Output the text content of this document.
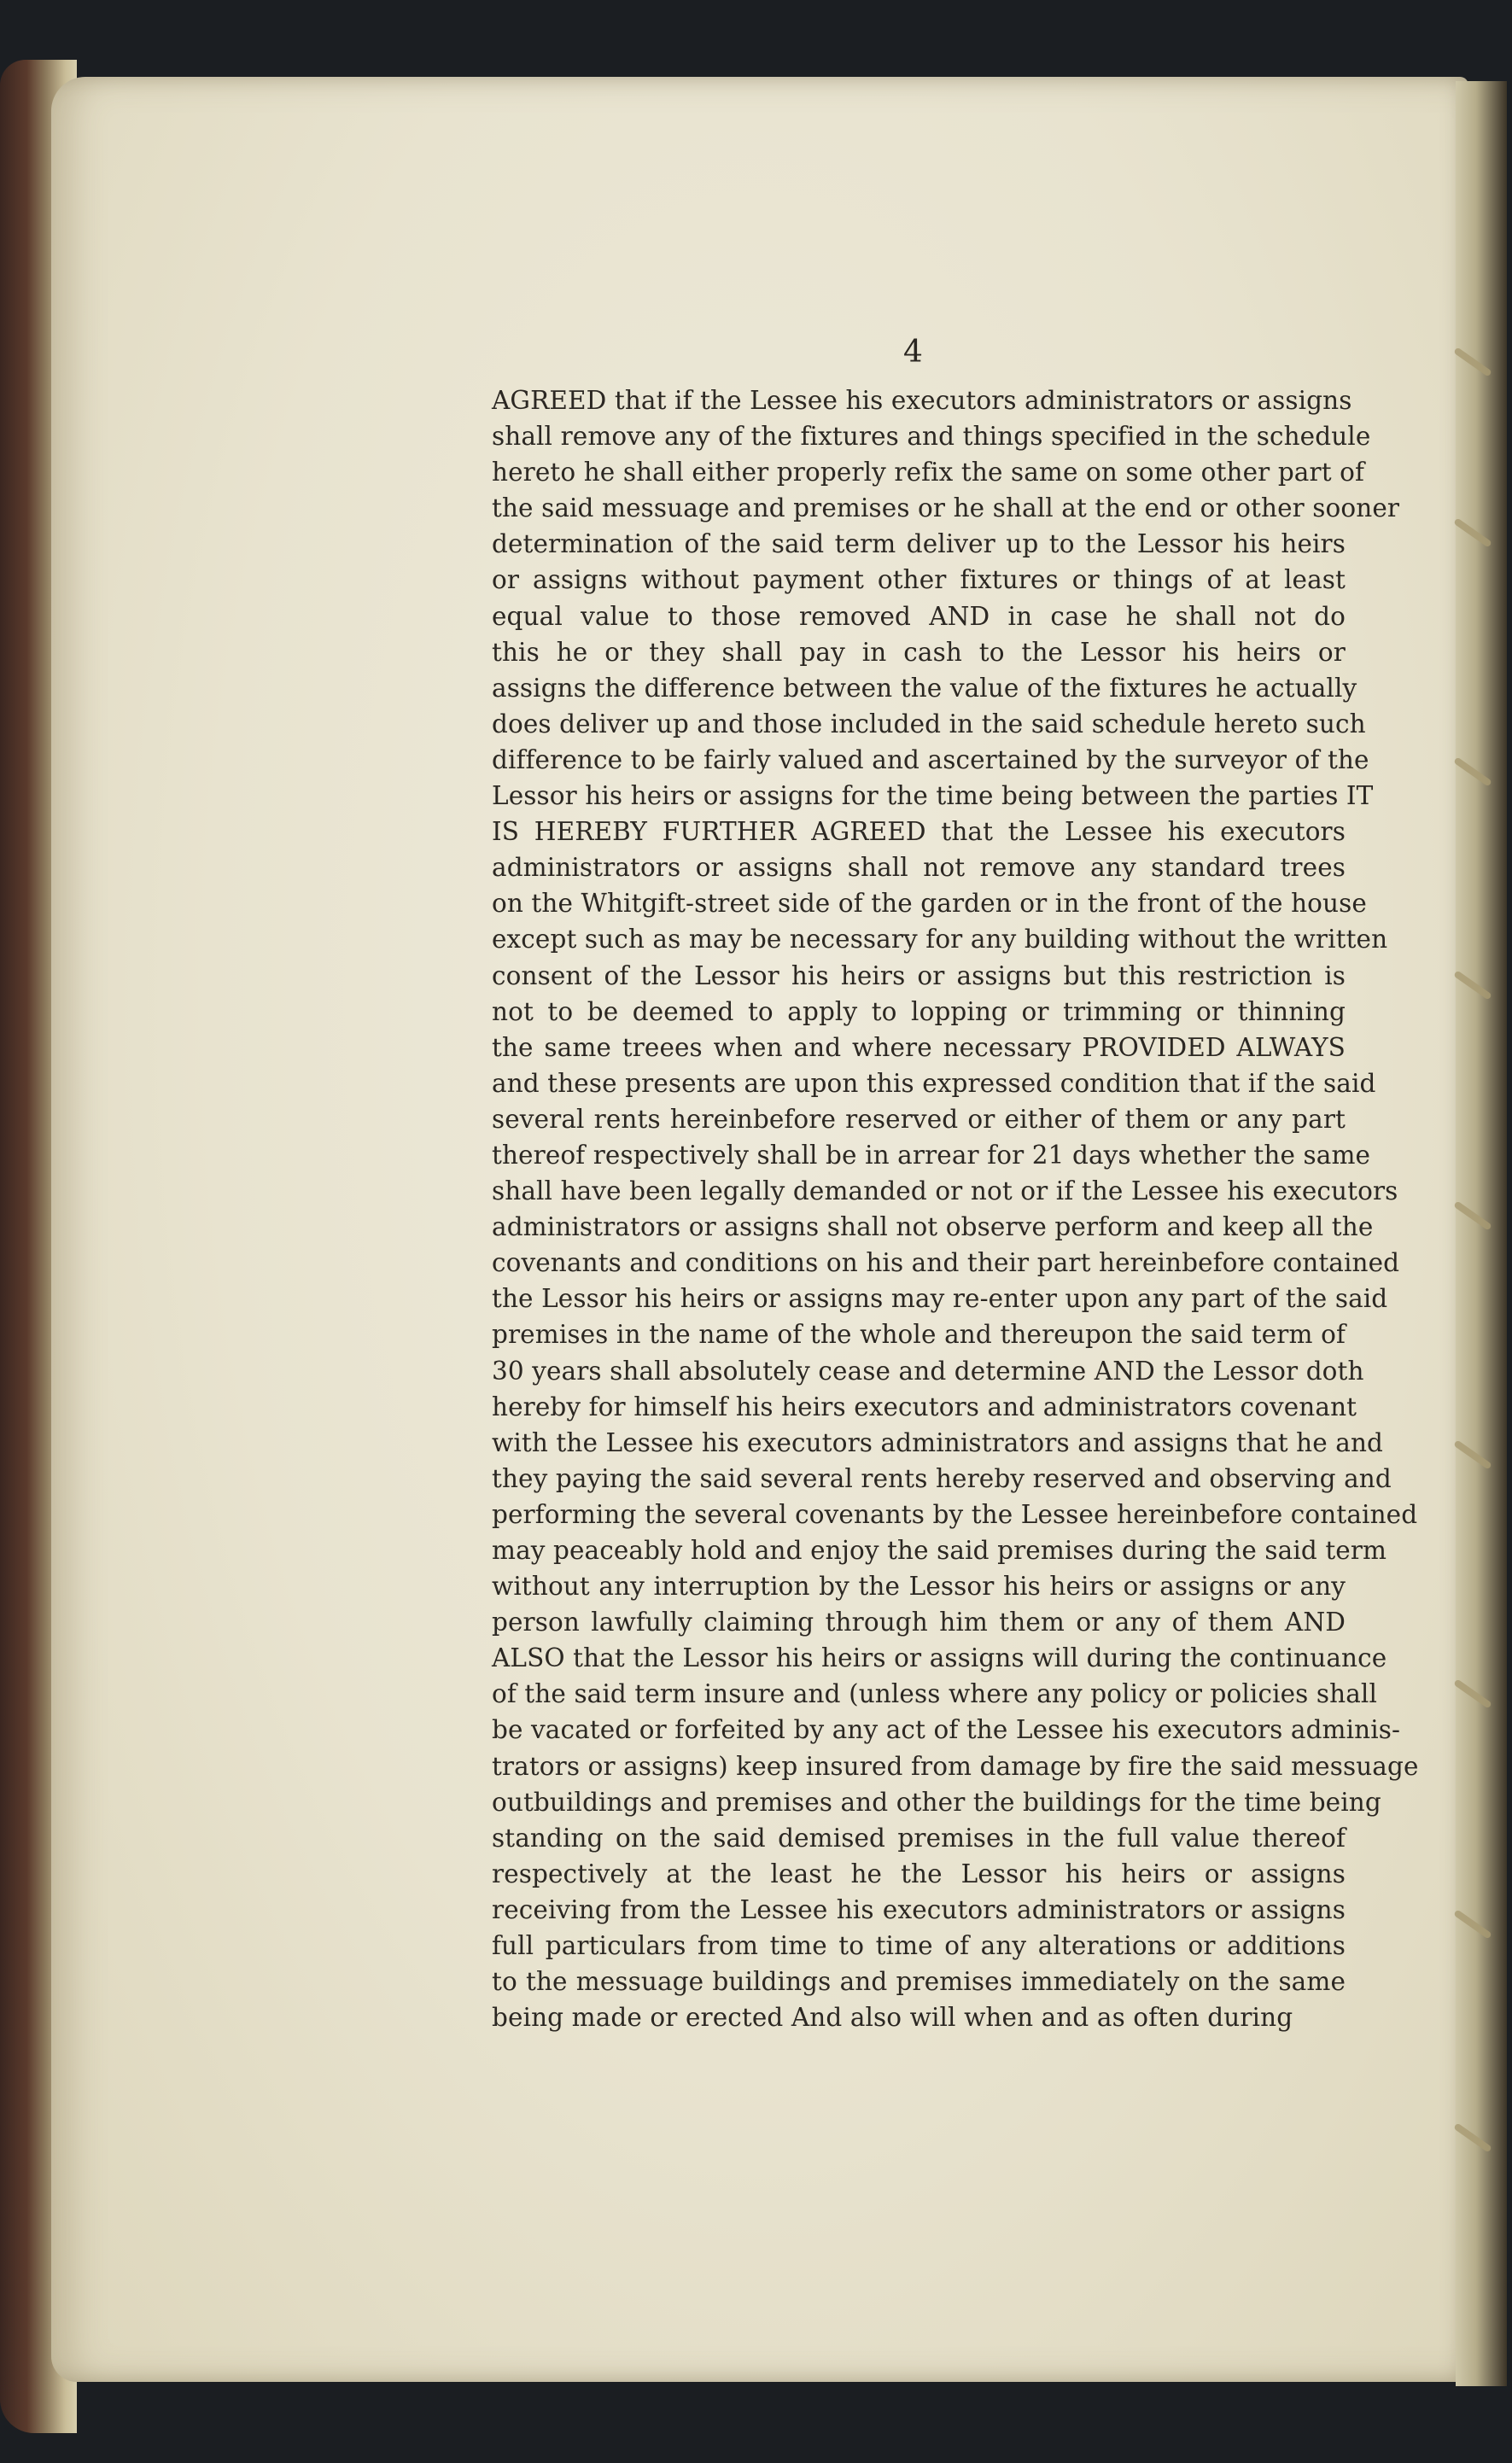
4
AGREED that if the Lessee his executors administrators or assigns
shall remove any of the fixtures and things specified in the schedule
hereto he shall either properly refix the same on some other part of
the said messuage and premises or he shall at the end or other sooner
determination of the said term deliver up to the Lessor his heirs
or assigns without payment other fixtures or things of at least
equal value to those removed AND in case he shall not do
this he or they shall pay in cash to the Lessor his heirs or
assigns the difference between the value of the fixtures he actually
does deliver up and those included in the said schedule hereto such
difference to be fairly valued and ascertained by the surveyor of the
Lessor his heirs or assigns for the time being between the parties IT
IS HEREBY FURTHER AGREED that the Lessee his executors
administrators or assigns shall not remove any standard trees
on the Whitgift-street side of the garden or in the front of the house
except such as may be necessary for any building without the written
consent of the Lessor his heirs or assigns but this restriction is
not to be deemed to apply to lopping or trimming or thinning
the same treees when and where necessary PROVIDED ALWAYS
and these presents are upon this expressed condition that if the said
several rents hereinbefore reserved or either of them or any part
thereof respectively shall be in arrear for 21 days whether the same
shall have been legally demanded or not or if the Lessee his executors
administrators or assigns shall not observe perform and keep all the
covenants and conditions on his and their part hereinbefore contained
the Lessor his heirs or assigns may re-enter upon any part of the said
premises in the name of the whole and thereupon the said term of
30 years shall absolutely cease and determine AND the Lessor doth
hereby for himself his heirs executors and administrators covenant
with the Lessee his executors administrators and assigns that he and
they paying the said several rents hereby reserved and observing and
performing the several covenants by the Lessee hereinbefore contained
may peaceably hold and enjoy the said premises during the said term
without any interruption by the Lessor his heirs or assigns or any
person lawfully claiming through him them or any of them AND
ALSO that the Lessor his heirs or assigns will during the continuance
of the said term insure and (unless where any policy or policies shall
be vacated or forfeited by any act of the Lessee his executors adminis-
trators or assigns) keep insured from damage by fire the said messuage
outbuildings and premises and other the buildings for the time being
standing on the said demised premises in the full value thereof
respectively at the least he the Lessor his heirs or assigns
receiving from the Lessee his executors administrators or assigns
full particulars from time to time of any alterations or additions
to the messuage buildings and premises immediately on the same
being made or erected And also will when and as often during
